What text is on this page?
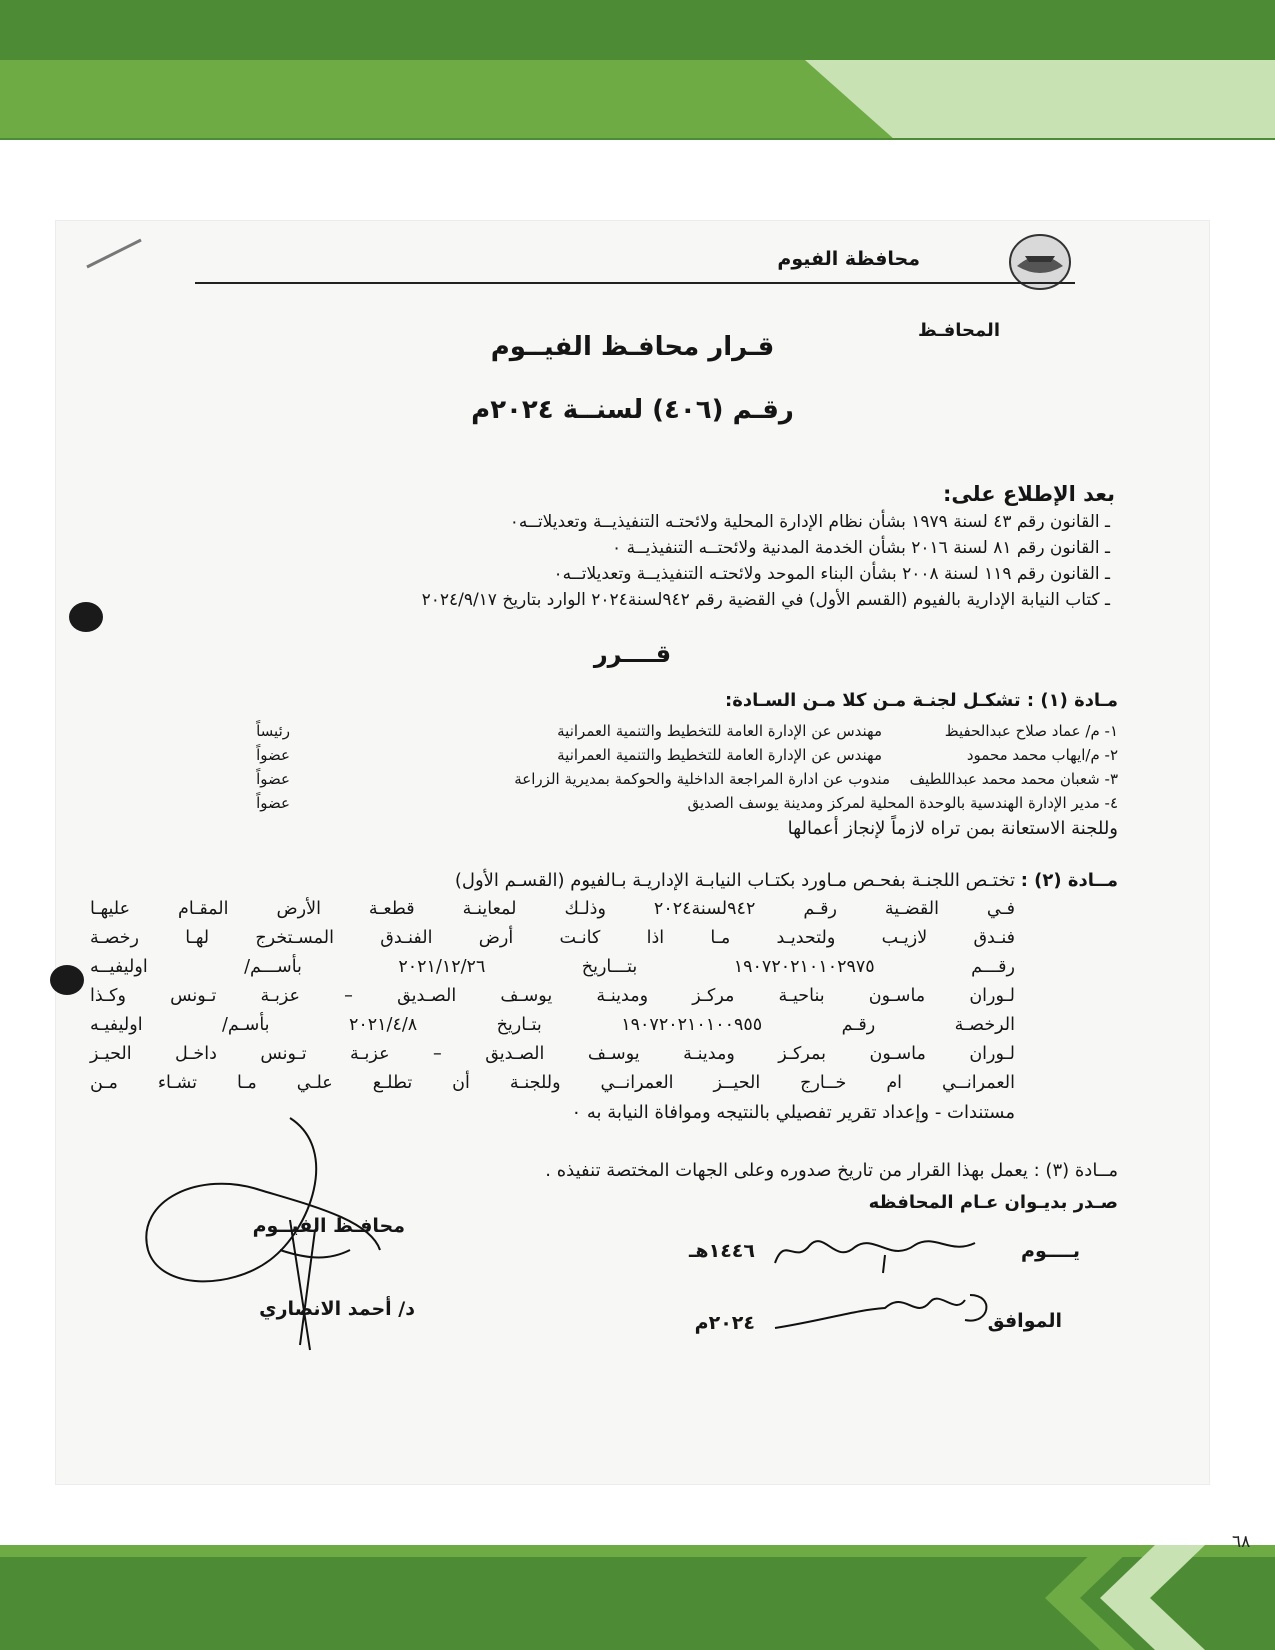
محافظة الفيوم
المحافـظ
قـرار محافـظ الفيــوم
رقـم (٤٠٦) لسنــة ٢٠٢٤م
بعد الإطلاع على:
ـ القانون رقم ٤٣ لسنة ١٩٧٩ بشأن نظام الإدارة المحلية ولائحتـه التنفيذيــة وتعديلاتــه٠
ـ القانون رقم ٨١ لسنة ٢٠١٦ بشأن الخدمة المدنية ولائحتــه التنفيذيــة ٠
ـ القانون رقم ١١٩ لسنة ٢٠٠٨ بشأن البناء الموحد ولائحتـه التنفيذيــة وتعديلاتــه٠
ـ كتاب النيابة الإدارية بالفيوم (القسم الأول) في القضية رقم ٩٤٢لسنة٢٠٢٤ الوارد بتاريخ ٢٠٢٤/٩/١٧
قــــرر
مـادة (١) : تشكـل لجنـة مـن كلا مـن السـادة:
١- م/ عماد صلاح عبدالحفيظ
مهندس عن الإدارة العامة للتخطيط والتنمية العمرانية
رئيساً
٢- م/ايهاب محمد محمود
مهندس عن الإدارة العامة للتخطيط والتنمية العمرانية
عضواً
٣- شعبان محمد محمد عبداللطيف
مندوب عن ادارة المراجعة الداخلية والحوكمة بمديرية الزراعة
عضواً
٤- مدير الإدارة الهندسية بالوحدة المحلية لمركز ومدينة يوسف الصديق
عضواً
وللجنة الاستعانة بمن تراه لازماً لإنجاز أعمالها
مــادة (٢) :
تختـص اللجنـة بفحـص مـاورد بكتـاب النيابـة الإداريـة بـالفيوم (القسـم الأول)
فـي القضـية رقـم ٩٤٢لسنة٢٠٢٤ وذلـك لمعاينـة قطعـة الأرض المقـام عليهـا
فنـدق لازيـب ولتحديـد مـا اذا كانـت أرض الفنـدق المسـتخرج لهـا رخصـة
رقـــم ١٩٠٧٢٠٢١٠١٠٢٩٧٥ بتـــاريخ ٢٠٢١/١٢/٢٦ بأســـم/ اوليفيــه
لـوران ماسـون بناحيـة مركـز ومدينـة يوسـف الصـديق – عزبـة تـونس وكـذا
الرخصـة رقـم ١٩٠٧٢٠٢١٠١٠٠٩٥٥ بتـاريخ ٢٠٢١/٤/٨ بأسـم/ اوليفيـه
لـوران ماسـون بمركـز ومدينـة يوسـف الصـديق – عزبـة تـونس داخـل الحيـز
العمرانــي ام خــارج الحيــز العمرانــي وللجنـة أن تطلـع علـي مـا تشـاء مـن
مستندات - وإعداد تقرير تفصيلي بالنتيجه وموافاة النيابة به ٠
مــادة (٣) : يعمل بهذا القرار من تاريخ صدوره وعلى الجهات المختصة تنفيذه .
صـدر بديـوان عـام المحافظه
يــــوم
١٤٤٦هـ
الموافق
٢٠٢٤م
محافـظ الفيــوم
د/ أحمد الانصاري
٦٨
